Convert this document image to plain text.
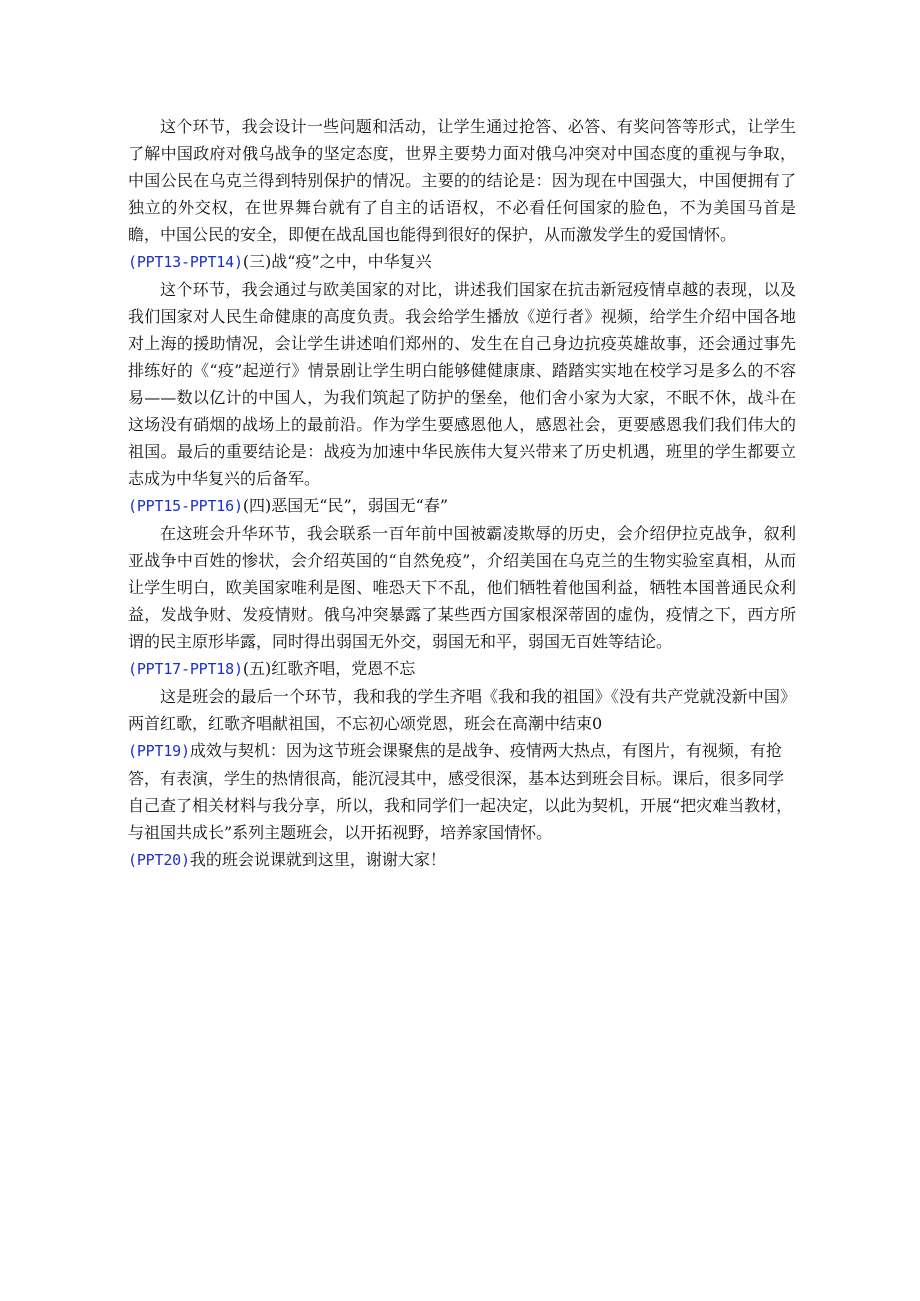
这个环节，我会设计一些问题和活动，让学生通过抢答、必答、有奖问答等形式，让学生了解中国政府对俄乌战争的坚定态度，世界主要势力面对俄乌冲突对中国态度的重视与争取，中国公民在乌克兰得到特别保护的情况。主要的的结论是：因为现在中国强大，中国便拥有了独立的外交权，在世界舞台就有了自主的话语权，不必看任何国家的脸色，不为美国马首是瞻，中国公民的安全，即便在战乱国也能得到很好的保护，从而激发学生的爱国情怀。

(PPT13-PPT14)(三)战“疫”之中，中华复兴

这个环节，我会通过与欧美国家的对比，讲述我们国家在抗击新冠疫情卓越的表现，以及我们国家对人民生命健康的高度负责。我会给学生播放《逆行者》视频，给学生介绍中国各地对上海的援助情况，会让学生讲述咱们郑州的、发生在自己身边抗疫英雄故事，还会通过事先排练好的《“疫”起逆行》情景剧让学生明白能够健健康康、踏踏实实地在校学习是多么的不容易——数以亿计的中国人，为我们筑起了防护的堡垒，他们舍小家为大家，不眠不休，战斗在这场没有硝烟的战场上的最前沿。作为学生要感恩他人，感恩社会，更要感恩我们我们伟大的祖国。最后的重要结论是：战疫为加速中华民族伟大复兴带来了历史机遇，班里的学生都要立志成为中华复兴的后备军。

(PPT15-PPT16)(四)恶国无“民”，弱国无“春”

在这班会升华环节，我会联系一百年前中国被霸凌欺辱的历史，会介绍伊拉克战争，叙利亚战争中百姓的惨状，会介绍英国的“自然免疫”，介绍美国在乌克兰的生物实验室真相，从而让学生明白，欧美国家唯利是图、唯恐天下不乱，他们牺牲着他国利益，牺牲本国普通民众利益，发战争财、发疫情财。俄乌冲突暴露了某些西方国家根深蒂固的虚伪，疫情之下，西方所谓的民主原形毕露，同时得出弱国无外交，弱国无和平，弱国无百姓等结论。

(PPT17-PPT18)(五)红歌齐唱，党恩不忘

这是班会的最后一个环节，我和我的学生齐唱《我和我的祖国》《没有共产党就没新中国》两首红歌，红歌齐唱献祖国，不忘初心颂党恩，班会在高潮中结束0

(PPT19)成效与契机：因为这节班会课聚焦的是战争、疫情两大热点，有图片，有视频，有抢答，有表演，学生的热情很高，能沉浸其中，感受很深，基本达到班会目标。课后，很多同学自己查了相关材料与我分享，所以，我和同学们一起决定，以此为契机，开展“把灾难当教材，与祖国共成长”系列主题班会，以开拓视野，培养家国情怀。

(PPT20)我的班会说课就到这里，谢谢大家！
